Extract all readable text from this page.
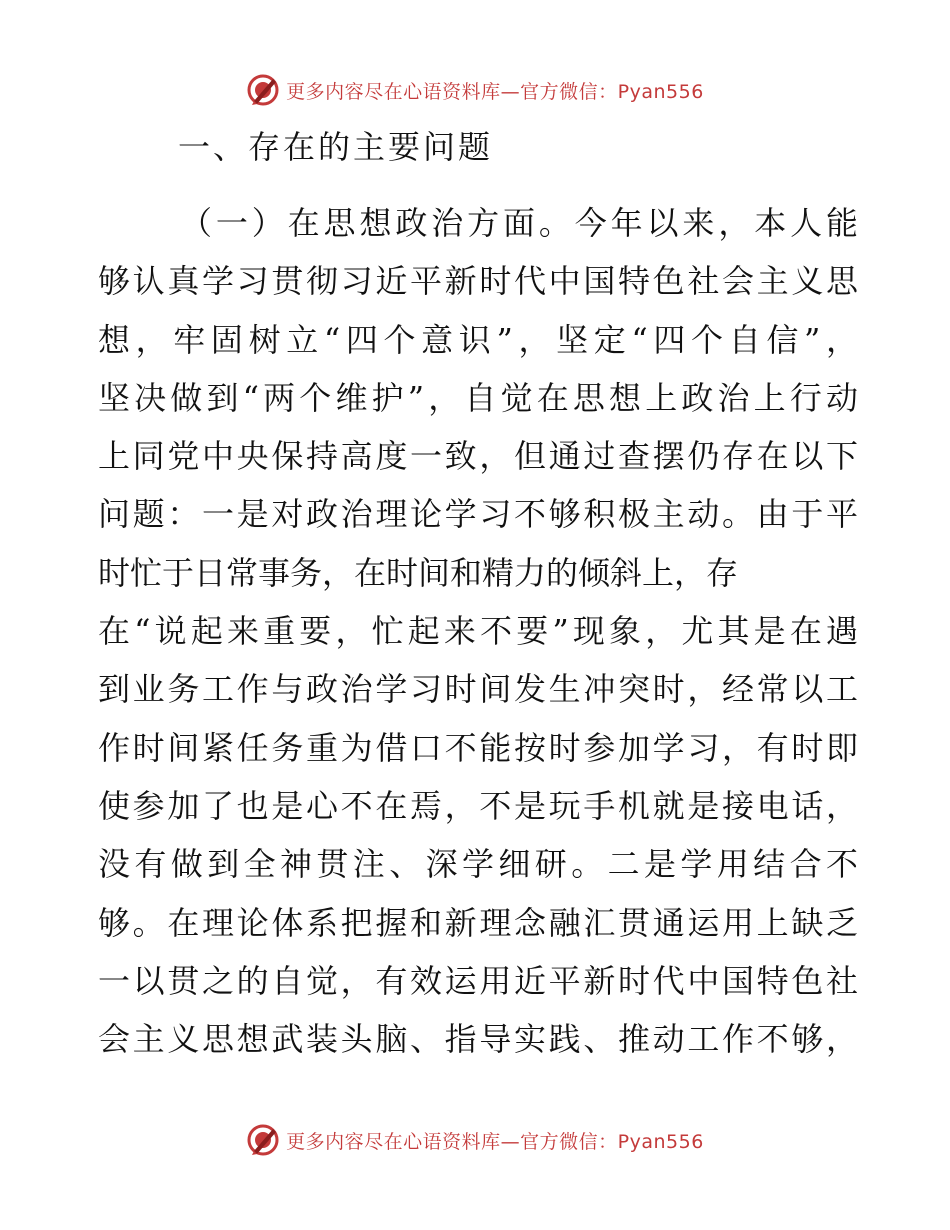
更多内容尽在心语资料库—官方微信：Pyan556
一、存在的主要问题
（一）在思想政治方面。今年以来，本人能
够认真学习贯彻习近平新时代中国特色社会主义思
想，牢固树立“四个意识”，坚定“四个自信”，
坚决做到“两个维护”，自觉在思想上政治上行动
上同党中央保持高度一致，但通过查摆仍存在以下
问题：一是对政治理论学习不够积极主动。由于平
时忙于日常事务，在时间和精力的倾斜上，存
在“说起来重要，忙起来不要”现象，尤其是在遇
到业务工作与政治学习时间发生冲突时，经常以工
作时间紧任务重为借口不能按时参加学习，有时即
使参加了也是心不在焉，不是玩手机就是接电话，
没有做到全神贯注、深学细研。二是学用结合不
够。在理论体系把握和新理念融汇贯通运用上缺乏
一以贯之的自觉，有效运用近平新时代中国特色社
会主义思想武装头脑、指导实践、推动工作不够，
更多内容尽在心语资料库—官方微信：Pyan556
